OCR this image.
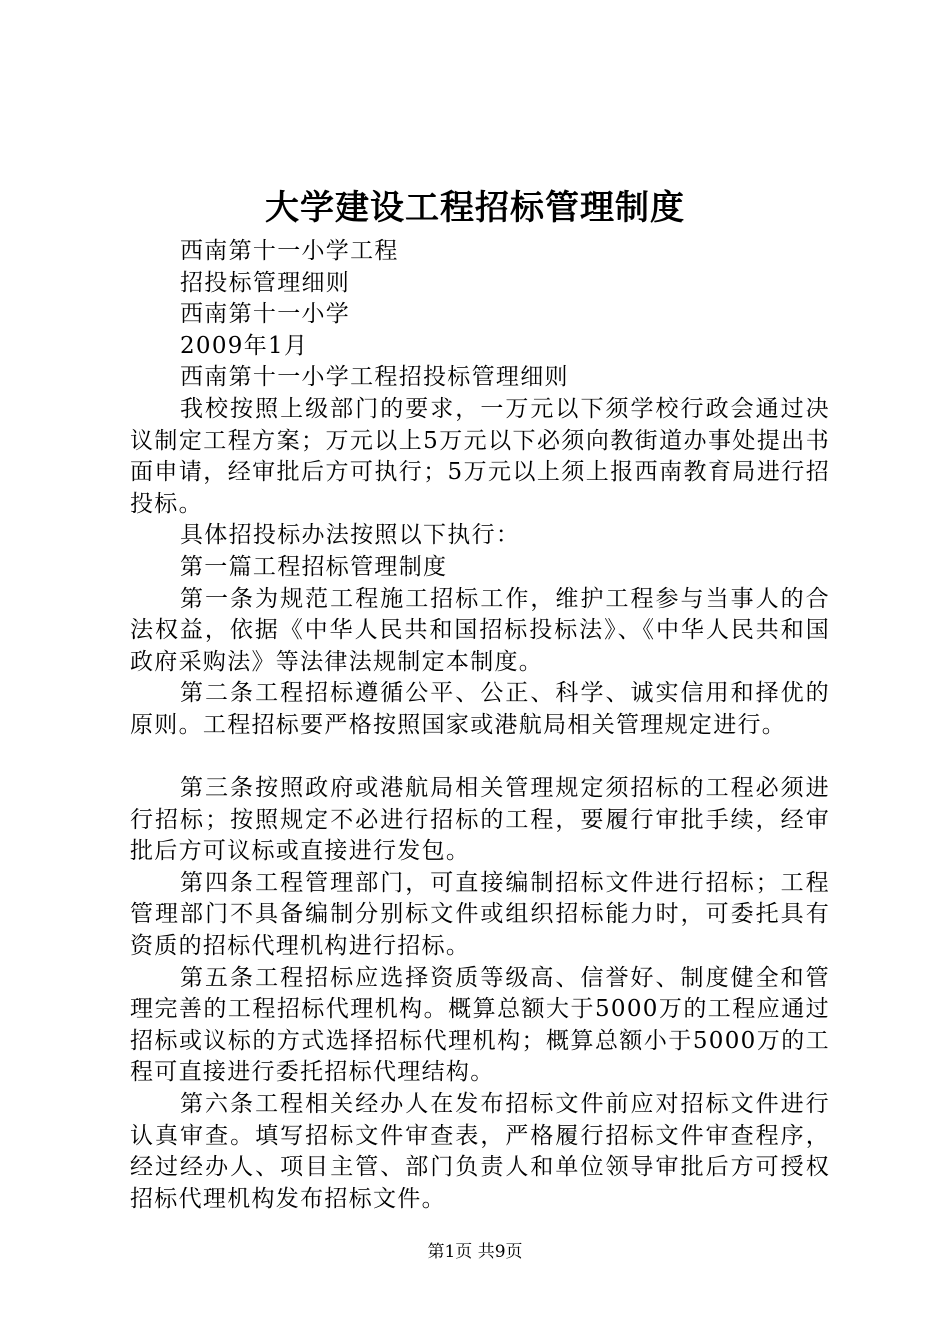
大学建设工程招标管理制度

西南第十一小学工程

招投标管理细则

西南第十一小学

2009年1月

西南第十一小学工程招投标管理细则

我校按照上级部门的要求，一万元以下须学校行政会通过决议制定工程方案；万元以上5万元以下必须向教街道办事处提出书面申请，经审批后方可执行；5万元以上须上报西南教育局进行招投标。

具体招投标办法按照以下执行：

第一篇工程招标管理制度

第一条为规范工程施工招标工作，维护工程参与当事人的合法权益，依据《中华人民共和国招标投标法》、《中华人民共和国政府采购法》等法律法规制定本制度。

第二条工程招标遵循公平、公正、科学、诚实信用和择优的原则。工程招标要严格按照国家或港航局相关管理规定进行。

第三条按照政府或港航局相关管理规定须招标的工程必须进行招标；按照规定不必进行招标的工程，要履行审批手续，经审批后方可议标或直接进行发包。

第四条工程管理部门，可直接编制招标文件进行招标；工程管理部门不具备编制分别标文件或组织招标能力时，可委托具有资质的招标代理机构进行招标。

第五条工程招标应选择资质等级高、信誉好、制度健全和管理完善的工程招标代理机构。概算总额大于5000万的工程应通过招标或议标的方式选择招标代理机构；概算总额小于5000万的工程可直接进行委托招标代理结构。

第六条工程相关经办人在发布招标文件前应对招标文件进行认真审查。填写招标文件审查表，严格履行招标文件审查程序，经过经办人、项目主管、部门负责人和单位领导审批后方可授权招标代理机构发布招标文件。

第1页 共9页
